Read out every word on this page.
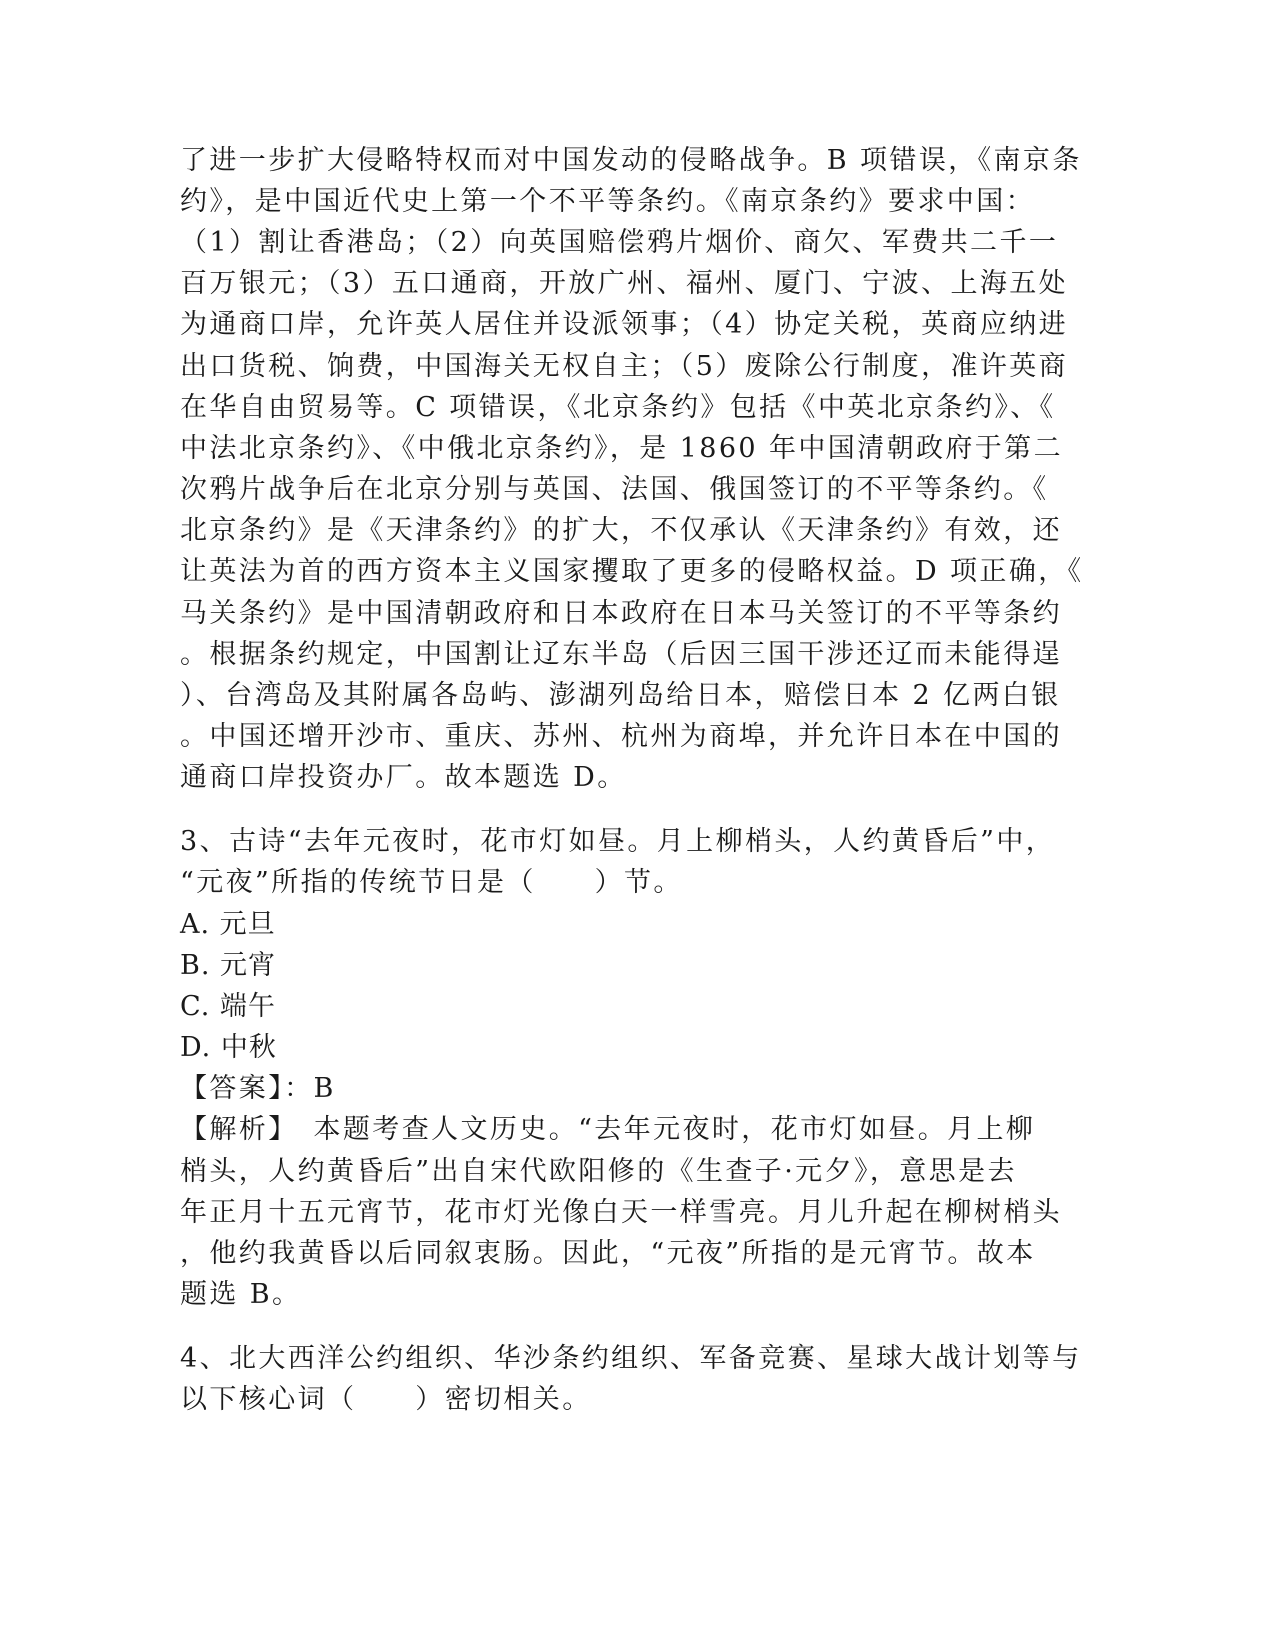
了进一步扩大侵略特权而对中国发动的侵略战争。B 项错误，《南京条
约》，是中国近代史上第一个不平等条约。《南京条约》要求中国：
（1）割让香港岛；（2）向英国赔偿鸦片烟价、商欠、军费共二千一
百万银元；（3）五口通商，开放广州、福州、厦门、宁波、上海五处
为通商口岸，允许英人居住并设派领事；（4）协定关税，英商应纳进
出口货税、饷费，中国海关无权自主；（5）废除公行制度，准许英商
在华自由贸易等。C 项错误，《北京条约》包括《中英北京条约》、《
中法北京条约》、《中俄北京条约》，是 1860 年中国清朝政府于第二
次鸦片战争后在北京分别与英国、法国、俄国签订的不平等条约。《
北京条约》是《天津条约》的扩大，不仅承认《天津条约》有效，还
让英法为首的西方资本主义国家攫取了更多的侵略权益。D 项正确，《
马关条约》是中国清朝政府和日本政府在日本马关签订的不平等条约
。根据条约规定，中国割让辽东半岛（后因三国干涉还辽而未能得逞
）、台湾岛及其附属各岛屿、澎湖列岛给日本，赔偿日本 2 亿两白银
。中国还增开沙市、重庆、苏州、杭州为商埠，并允许日本在中国的
通商口岸投资办厂。故本题选 D。
3、古诗“去年元夜时，花市灯如昼。月上柳梢头，人约黄昏后”中，
“元夜”所指的传统节日是（　　）节。
A. 元旦
B. 元宵
C. 端午
D. 中秋
【答案】：B
【解析】　本题考查人文历史。“去年元夜时，花市灯如昼。月上柳
梢头，人约黄昏后”出自宋代欧阳修的《生查子·元夕》，意思是去
年正月十五元宵节，花市灯光像白天一样雪亮。月儿升起在柳树梢头
，他约我黄昏以后同叙衷肠。因此，“元夜”所指的是元宵节。故本
题选 B。
4、北大西洋公约组织、华沙条约组织、军备竞赛、星球大战计划等与
以下核心词（　　）密切相关。
